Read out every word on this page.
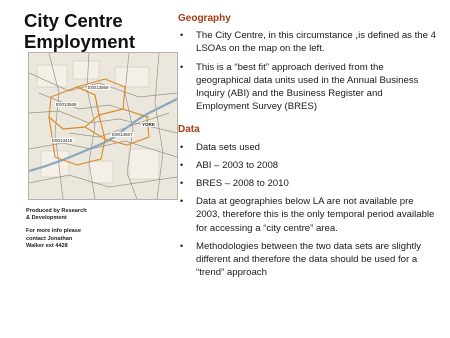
City Centre
Employment
E0013569
E0013569
E0013567
E0013415
YORK

Produced by Research
& Development

For more info please
contact Jonathan
Walker ext 4428

Geography
• The City Centre, in this circumstance ,is defined as the 4 LSOAs on the map on the left.
• This is a “best fit” approach derived from the geographical data units used in the Annual Business Inquiry (ABI) and the Business Register and Employment Survey (BRES)
Data
• Data sets used
• ABI – 2003 to 2008
• BRES – 2008 to 2010
• Data at geographies below LA are not available pre 2003, therefore this is the only temporal period available for accessing a “city centre” area.
• Methodologies between the two data sets are slightly different and therefore the data should be used for a “trend” approach
